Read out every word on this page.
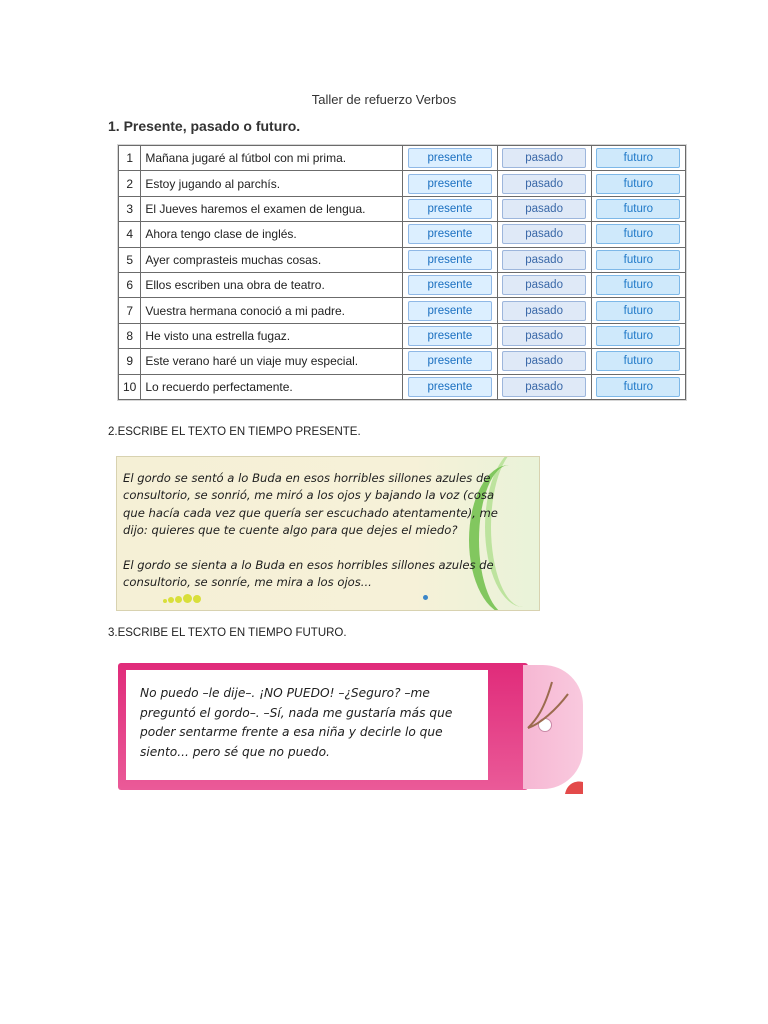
Taller de refuerzo Verbos
1. Presente, pasado o futuro.
1	Mañana jugaré al fútbol con mi prima.	presente	pasado	futuro
2	Estoy jugando al parchís.	presente	pasado	futuro
3	El Jueves haremos el examen de lengua.	presente	pasado	futuro
4	Ahora tengo clase de inglés.	presente	pasado	futuro
5	Ayer comprasteis muchas cosas.	presente	pasado	futuro
6	Ellos escriben una obra de teatro.	presente	pasado	futuro
7	Vuestra hermana conoció a mi padre.	presente	pasado	futuro
8	He visto una estrella fugaz.	presente	pasado	futuro
9	Este verano haré un viaje muy especial.	presente	pasado	futuro
10	Lo recuerdo perfectamente.	presente	pasado	futuro
2.ESCRIBE EL TEXTO EN TIEMPO PRESENTE.

El gordo se sentó a lo Buda en esos horribles sillones azules de consultorio, se sonrió, me miró a los ojos y bajando la voz (cosa que hacía cada vez que quería ser escuchado atentamente), me dijo: quieres que te cuente algo para que dejes el miedo?

El gordo se sienta a lo Buda en esos horribles sillones azules de consultorio, se sonríe, me mira a los ojos...

3.ESCRIBE EL TEXTO EN TIEMPO FUTURO.

No puedo –le dije–. ¡NO PUEDO! –¿Seguro? –me preguntó el gordo–. –Sí, nada me gustaría más que poder sentarme frente a esa niña y decirle lo que siento... pero sé que no puedo.
